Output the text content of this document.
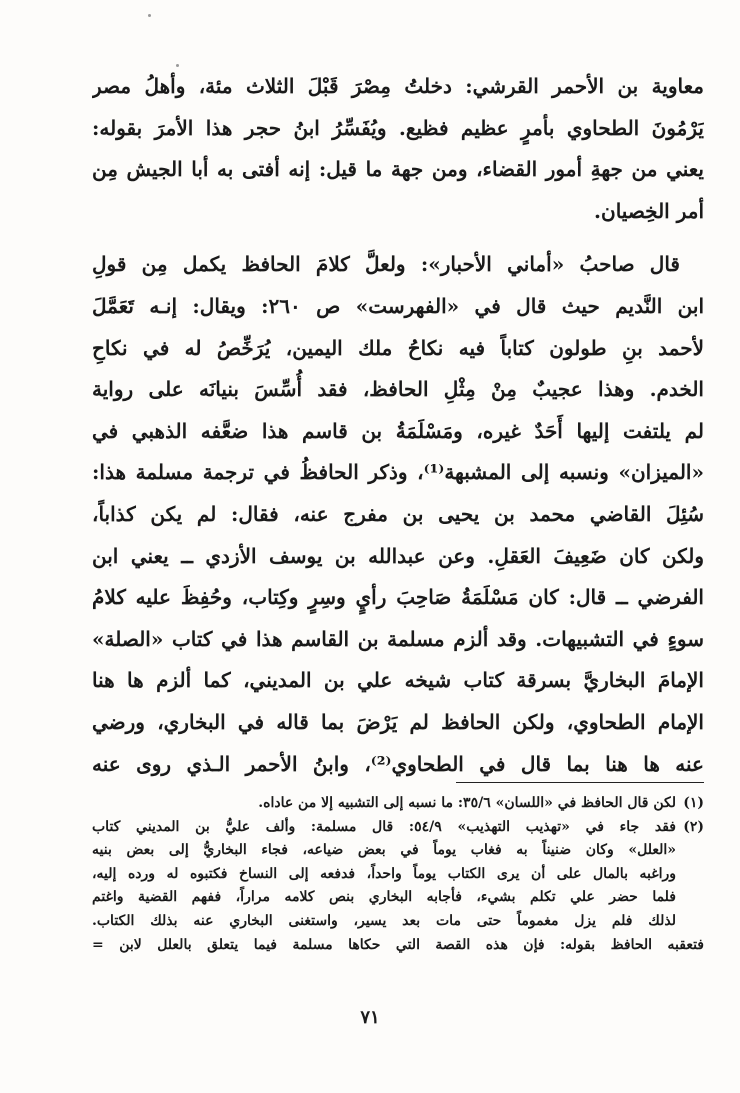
معاوية بن الأحمر القرشي: دخلتُ مِصْرَ قَبْلَ الثلاث مئة، وأهلُ مصر
يَرْمُونَ الطحاوي بأمرٍ عظيم فظيع. ويُفَسِّرُ ابنُ حجر هذا الأمرَ بقوله:
يعني من جهةِ أمور القضاء، ومن جهة ما قيل: إنه أفتى به أبا الجيش مِن
أمر الخِصيان.
قال صاحبُ «أماني الأحبار»: ولعلَّ كلامَ الحافظ يكمل مِن قولِ
ابن النَّديم حيث قال في «الفهرست» ص ٢٦٠: ويقال: إنـه تَعَمَّلَ
لأحمد بنِ طولون كتاباً فيه نكاحُ ملك اليمين، يُرَخِّصُ له في نكاحِ
الخدم. وهذا عجيبٌ مِنْ مِثْلِ الحافظ، فقد أُسِّسَ بنيانَه على رواية
لم يلتفت إليها أَحَدٌ غيره، ومَسْلَمَةُ بن قاسم هذا ضعَّفه الذهبي في
«الميزان» ونسبه إلى المشبهة⁽¹⁾، وذكر الحافظُ في ترجمة مسلمة هذا:
سُئِلَ القاضي محمد بن يحيى بن مفرج عنه، فقال: لم يكن كذاباً،
ولكن كان ضَعِيفَ العَقلِ. وعن عبدالله بن يوسف الأزدي ــ يعني ابن
الفرضي ــ قال: كان مَسْلَمَةُ صَاحِبَ رأيٍ وسِرٍ وكِتاب، وحُفِظَ عليه كلامُ
سوءٍ في التشبيهات. وقد ألزم مسلمة بن القاسم هذا في كتاب «الصلة»
الإمامَ البخاريَّ بسرقة كتاب شيخه علي بن المديني، كما ألزم ها هنا
الإمام الطحاوي، ولكن الحافظ لم يَرْضَ بما قاله في البخاري، ورضي
عنه ها هنا بما قال في الطحاوي⁽²⁾، وابنُ الأحمر الـذي روى عنه
(١)لكن قال الحافظ في «اللسان» ٣٥/٦: ما نسبه إلى التشبيه إلا من عاداه.
(٢)فقد جاء في «تهذيب التهذيب» ٥٤/٩: قال مسلمة: وألف عليُّ بن المديني كتاب
«العلل» وكان ضنيناً به فغاب يوماً في بعض ضياعه، فجاء البخاريُّ إلى بعض بنيه
وراغبه بالمال على أن يرى الكتاب يوماً واحداً، فدفعه إلى النساخ فكتبوه له ورده إليه،
فلما حضر علي تكلم بشيء، فأجابه البخاري بنص كلامه مراراً، ففهم القضية واغتم
لذلك فلم يزل مغموماً حتى مات بعد يسير، واستغنى البخاري عنه بذلك الكتاب.
فتعقبه الحافظ بقوله: فإن هذه القصة التي حكاها مسلمة فيما يتعلق بالعلل لابن =
٧١
